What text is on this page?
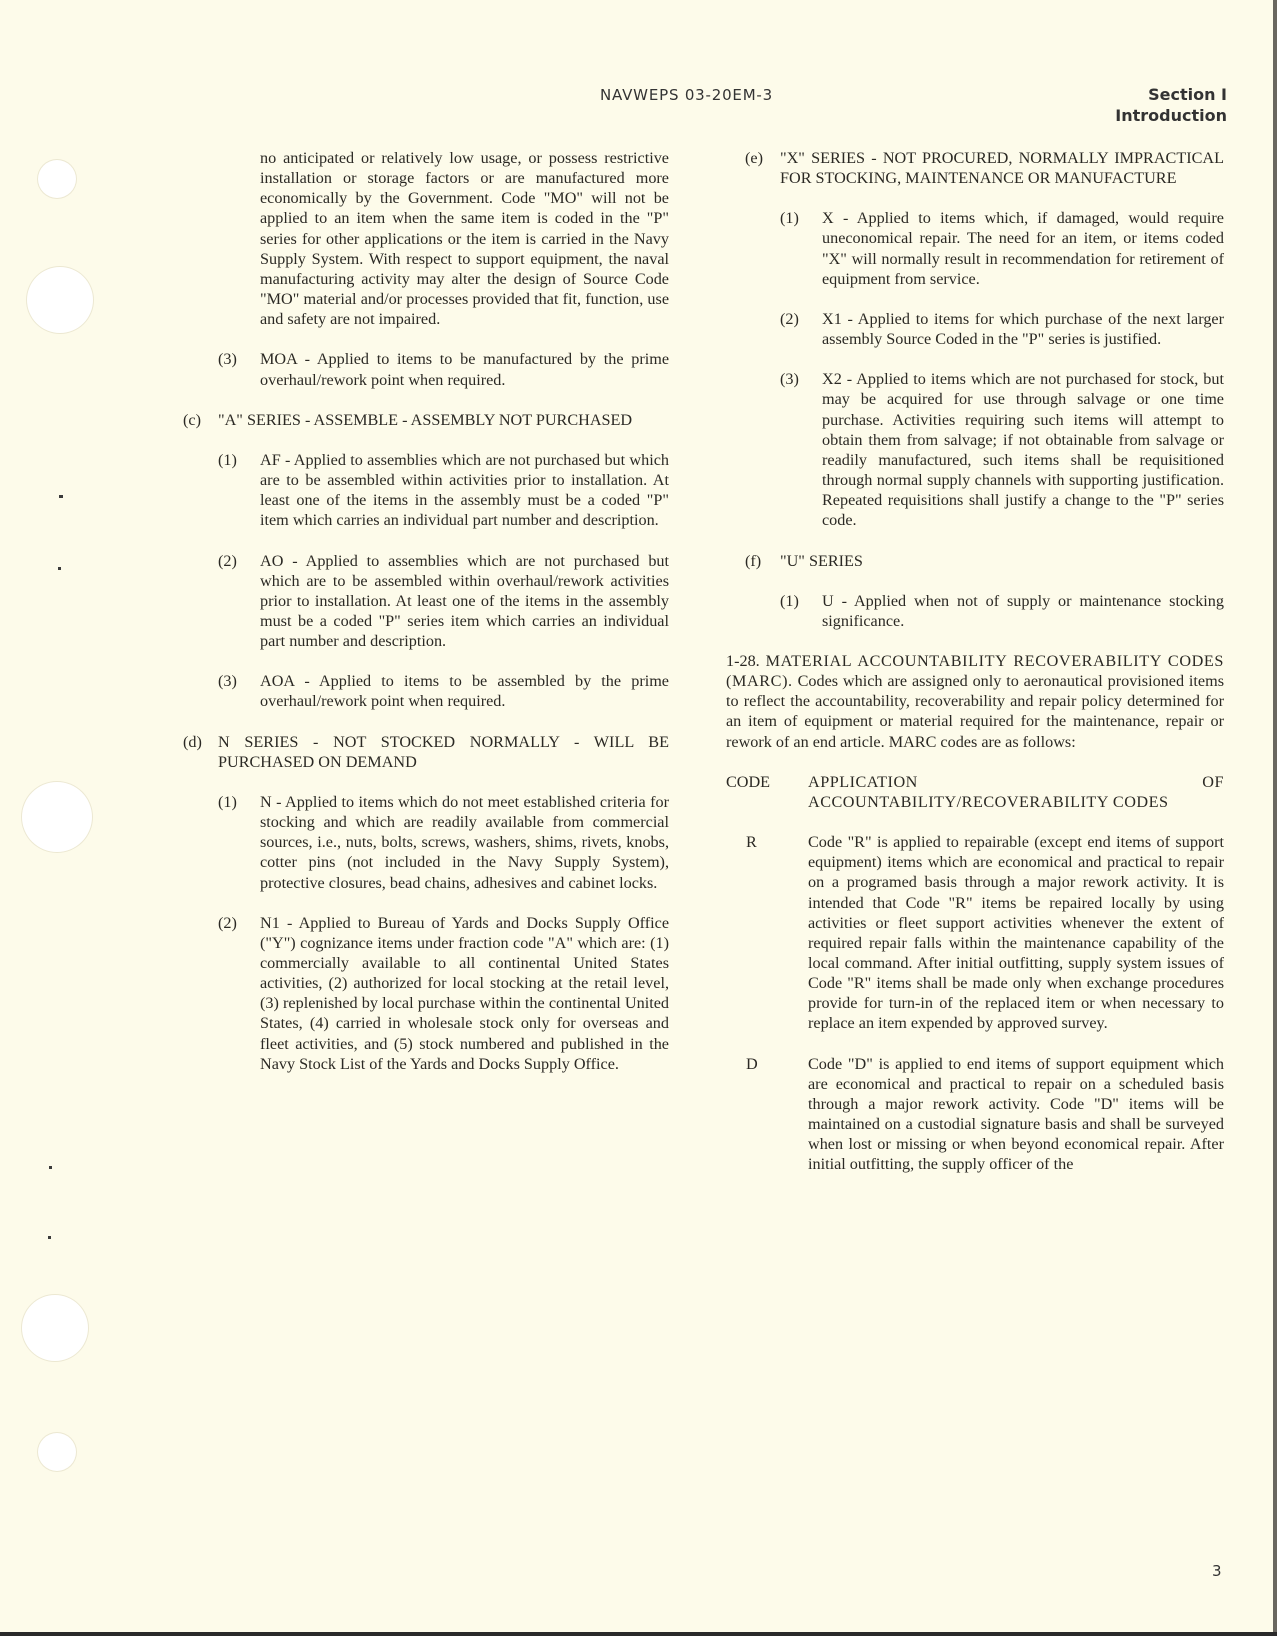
NAVWEPS 03-20EM-3	Section I
Introduction
no anticipated or relatively low usage, or possess restrictive installation or storage factors or are manufactured more economically by the Government. Code "MO" will not be applied to an item when the same item is coded in the "P" series for other applications or the item is carried in the Navy Supply System. With respect to support equipment, the naval manufacturing activity may alter the design of Source Code "MO" material and/or processes provided that fit, function, use and safety are not impaired.
(3)	MOA - Applied to items to be manufactured by the prime overhaul/rework point when required.
(c)	"A" SERIES - ASSEMBLE - ASSEMBLY NOT PURCHASED
(1)	AF - Applied to assemblies which are not purchased but which are to be assembled within activities prior to installation. At least one of the items in the assembly must be a coded "P" item which carries an individual part number and description.
(2)	AO - Applied to assemblies which are not purchased but which are to be assembled within overhaul/rework activities prior to installation. At least one of the items in the assembly must be a coded "P" series item which carries an individual part number and description.
(3)	AOA - Applied to items to be assembled by the prime overhaul/rework point when required.
(d) N SERIES - NOT STOCKED NORMALLY - WILL BE PURCHASED ON DEMAND
(1)	N - Applied to items which do not meet established criteria for stocking and which are readily available from commercial sources, i.e., nuts, bolts, screws, washers, shims, rivets, knobs, cotter pins (not included in the Navy Supply System), protective closures, bead chains, adhesives and cabinet locks.
(2)	N1 - Applied to Bureau of Yards and Docks Supply Office ("Y") cognizance items under fraction code "A" which are: (1) commercially available to all continental United States activities, (2) authorized for local stocking at the retail level, (3) replenished by local purchase within the continental United States, (4) carried in wholesale stock only for overseas and fleet activities, and (5) stock numbered and published in the Navy Stock List of the Yards and Docks Supply Office.
(e)	"X" SERIES - NOT PROCURED, NORMALLY IMPRACTICAL FOR STOCKING, MAINTENANCE OR MANUFACTURE
(1)	X - Applied to items which, if damaged, would require uneconomical repair. The need for an item, or items coded "X" will normally result in recommendation for retirement of equipment from service.
(2)	X1 - Applied to items for which purchase of the next larger assembly Source Coded in the "P" series is justified.
(3)	X2 - Applied to items which are not purchased for stock, but may be acquired for use through salvage or one time purchase. Activities requiring such items will attempt to obtain them from salvage; if not obtainable from salvage or readily manufactured, such items shall be requisitioned through normal supply channels with supporting justification. Repeated requisitions shall justify a change to the "P" series code.
(f)	"U" SERIES
(1)	U - Applied when not of supply or maintenance stocking significance.

1-28. MATERIAL ACCOUNTABILITY RECOVERABILITY CODES (MARC). Codes which are assigned only to aeronautical provisioned items to reflect the accountability, recoverability and repair policy determined for an item of equipment or material required for the maintenance, repair or rework of an end article. MARC codes are as follows:

CODE	APPLICATION OF ACCOUNTABILITY/RECOVERABILITY CODES
R	Code "R" is applied to repairable (except end items of support equipment) items which are economical and practical to repair on a programed basis through a major rework activity. It is intended that Code "R" items be repaired locally by using activities or fleet support activities whenever the extent of required repair falls within the maintenance capability of the local command. After initial outfitting, supply system issues of Code "R" items shall be made only when exchange procedures provide for turn-in of the replaced item or when necessary to replace an item expended by approved survey.
D	Code "D" is applied to end items of support equipment which are economical and practical to repair on a scheduled basis through a major rework activity. Code "D" items will be maintained on a custodial signature basis and shall be surveyed when lost or missing or when beyond economical repair. After initial outfitting, the supply officer of the
3
